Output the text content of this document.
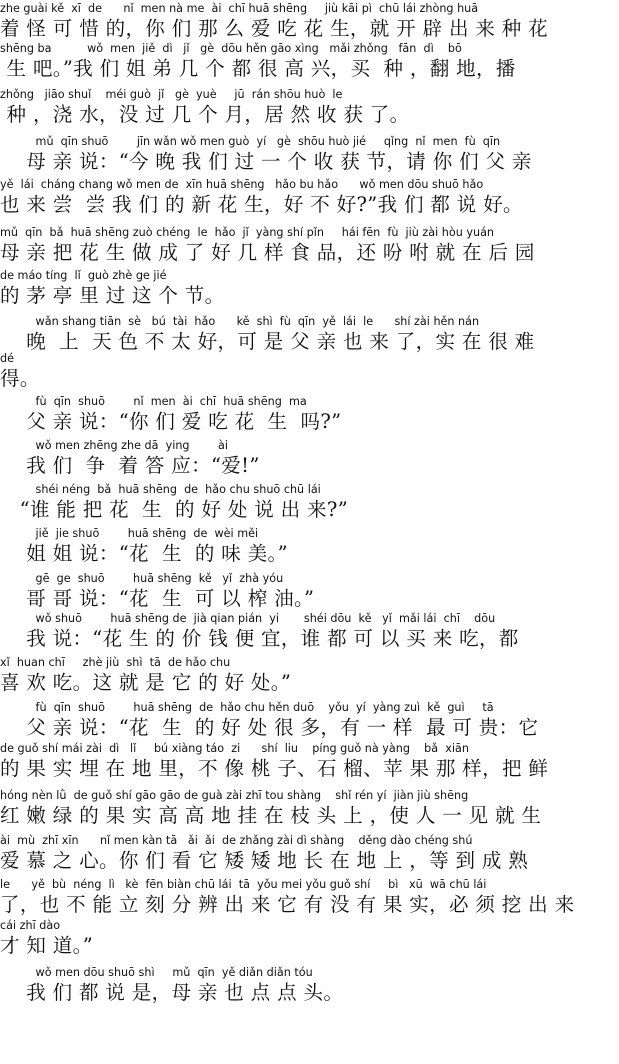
zhe guài kě  xī  de      nǐ  men nà me  ài  chī huā shēng     jiù kāi pì  chū lái zhòng huā
着 怪 可 惜 的，你 们 那 么 爱 吃 花 生，就 开 辟 出 来 种 花
shēng ba          wǒ  men  jiě  dì   jǐ   gè  dōu hěn gāo xìng   mǎi zhǒng   fān  dì    bō
生 吧。”我 们 姐 弟 几 个 都 很 高 兴，买  种 ，翻 地，播
zhǒng   jiāo shuǐ    méi guò  jǐ   gè  yuè     jū  rán shōu huò  le
种 ，浇 水，没 过 几 个 月，居 然 收 获 了。
mǔ  qīn shuō        jīn wǎn wǒ men guò  yí   gè  shōu huò jié     qǐng  nǐ  men  fù  qīn
母 亲 说：“今 晚 我 们 过 一 个 收 获 节，请 你 们 父 亲
yě  lái  cháng chang wǒ men de  xīn huā shēng   hǎo bu hǎo      wǒ men dōu shuō hǎo
也 来 尝  尝 我 们 的 新 花 生，好 不 好?”我 们 都 说 好。
mǔ  qīn  bǎ  huā shēng zuò chéng  le  hǎo  jǐ  yàng shí pǐn     hái fēn  fù  jiù zài hòu yuán
母 亲 把 花 生 做 成 了 好 几 样 食 品，还 吩 咐 就 在 后 园
de máo tíng  lǐ  guò zhè ge jié
的 茅 亭 里 过 这 个 节。
wǎn shang tiān  sè   bú  tài  hǎo      kě  shì  fù  qīn  yě  lái  le      shí zài hěn nán
晚  上  天 色 不 太 好，可 是 父 亲 也 来 了，实 在 很 难
dé
得。
fù  qīn  shuō        nǐ  men  ài  chī  huā shēng  ma
父 亲 说：“你 们 爱 吃 花  生  吗?”
wǒ men zhēng zhe dā  ying        ài
我 们  争  着 答 应：“爱!”
shéi néng  bǎ  huā shēng  de  hǎo chu shuō chū lái
“谁 能 把 花  生  的 好 处 说 出 来?”
jiě  jie shuō        huā shēng  de  wèi měi
姐 姐 说：“花  生  的 味 美。”
gē  ge  shuō        huā shēng  kě   yǐ  zhà yóu
哥 哥 说：“花  生  可 以 榨 油。”
wǒ shuō        huā shēng de  jià qian pián  yi       shéi dōu  kě   yǐ  mǎi lái  chī    dōu
我 说：“花 生 的 价 钱 便 宜，谁 都 可 以 买 来 吃，都
xǐ  huan chī     zhè jiù  shì  tā  de hǎo chu
喜 欢 吃。这 就 是 它 的 好 处。”
fù  qīn  shuō        huā shēng  de  hǎo chu hěn duō    yǒu  yí  yàng zuì  kě  guì     tā
父 亲 说：“花  生  的 好 处 很 多，有 一 样  最 可 贵：它
de guǒ shí mái zài  dì   lǐ     bú xiàng táo  zi      shí  liu    píng guǒ nà yàng    bǎ  xiān
的 果 实 埋 在 地 里，不 像 桃 子、石 榴、苹 果 那 样，把 鲜
hóng nèn lǜ  de guǒ shí gāo gāo de guà zài zhī tou shàng    shǐ rén yí  jiàn jiù shēng
红 嫩 绿 的 果 实 高 高 地 挂 在 枝 头 上 ，使 人 一 见 就 生
ài  mù  zhī xīn      nǐ men kàn tā   ǎi  ǎi  de zhǎng zài dì shàng    děng dào chéng shú
爱 慕 之 心。你 们 看 它 矮 矮 地 长 在 地 上 ，等 到 成 熟
le      yě  bù  néng  lì   kè  fēn biàn chū lái  tā  yǒu mei yǒu guǒ shí     bì   xū  wā chū lái
了，也 不 能 立 刻 分 辨 出 来 它 有 没 有 果 实，必 须 挖 出 来
cái zhī dào
才 知 道。”
wǒ men dōu shuō shì     mǔ  qīn  yě diǎn diǎn tóu
我 们 都 说 是，母 亲 也 点 点 头。
